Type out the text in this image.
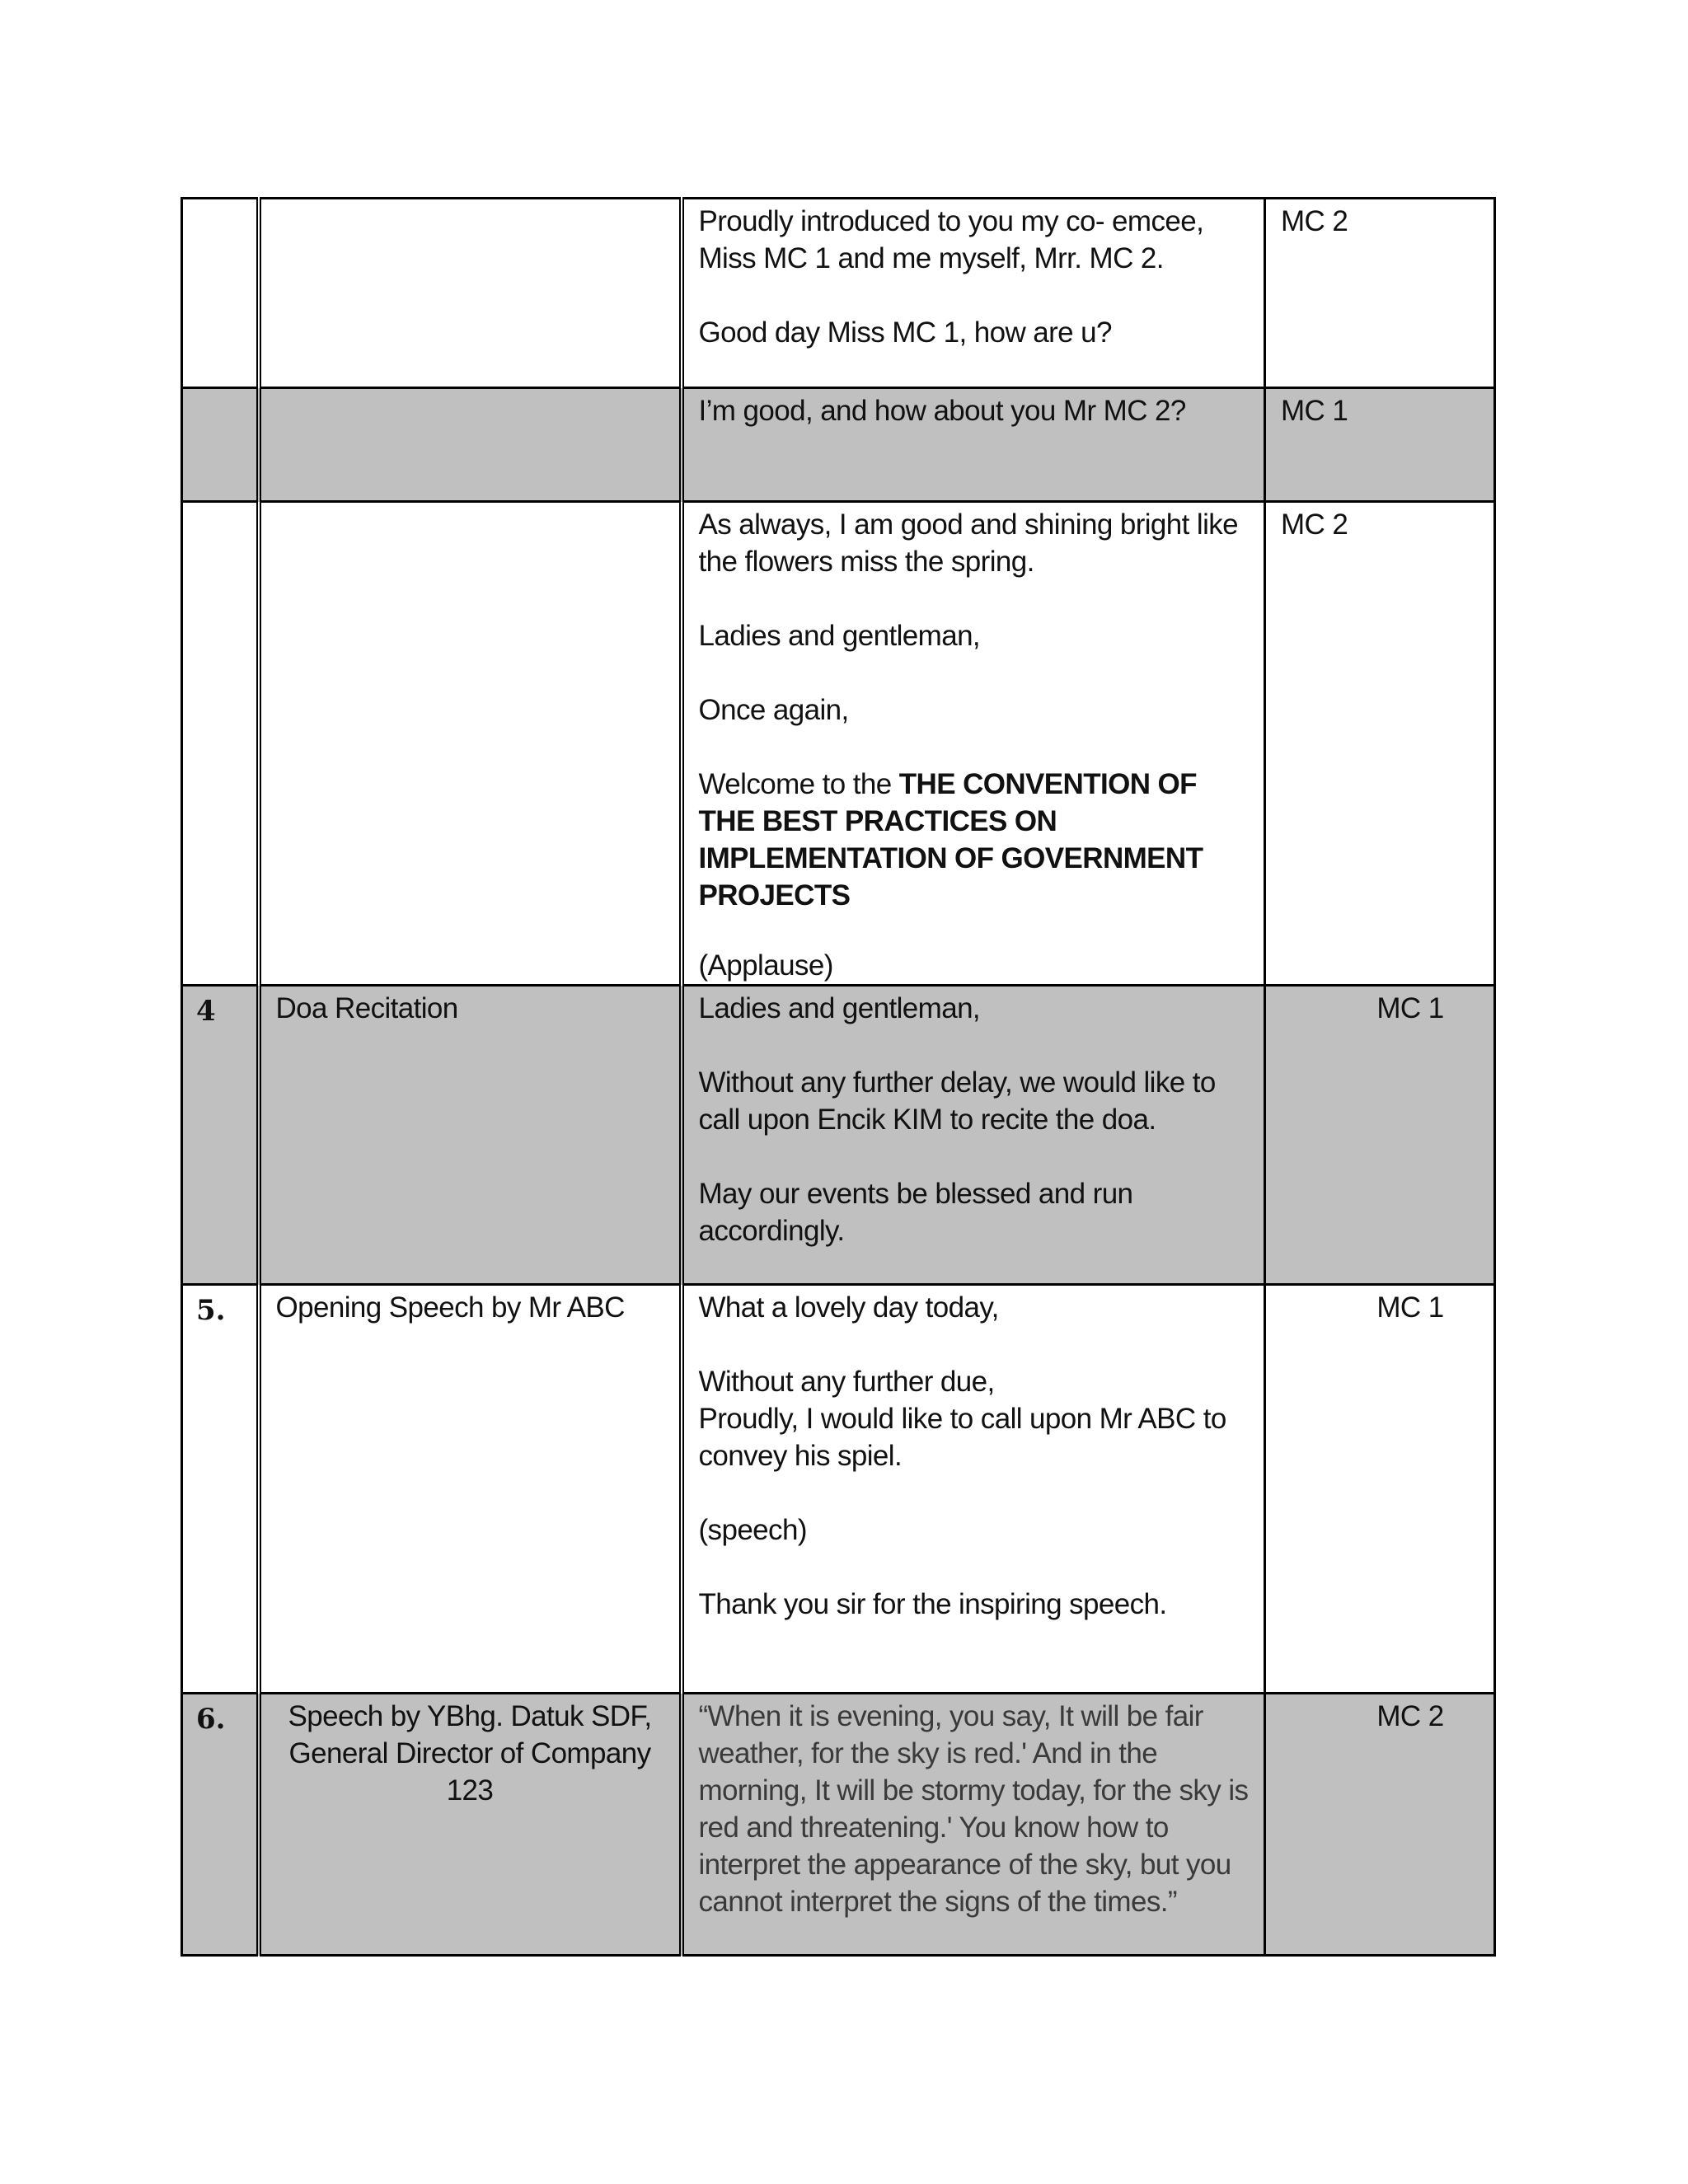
		Proudly introduced to you my co- emcee,

Miss MC 1 and me myself, Mrr. MC 2.

Good day Miss MC 1, how are u?	MC 2

		I’m good, and how about you Mr MC 2?	MC 1

		As always, I am good and shining bright like the flowers miss the spring.

Ladies and gentleman,

Once again,

Welcome to the THE CONVENTION OF THE BEST PRACTICES ON IMPLEMENTATION OF GOVERNMENT PROJECTS

(Applause)	MC 2

4	Doa Recitation	Ladies and gentleman,

Without any further delay, we would like to call upon Encik KIM to recite the doa.

May our events be blessed and run accordingly.	MC 1

5.	Opening Speech by Mr ABC	What a lovely day today,

Without any further due,

Proudly, I would like to call upon Mr ABC to convey his spiel.

(speech)

Thank you sir for the inspiring speech.	MC 1

6.	Speech by YBhg. Datuk SDF, General Director of Company 123	“When it is evening, you say, It will be fair weather, for the sky is red.' And in the morning, It will be stormy today, for the sky is red and threatening.' You know how to interpret the appearance of the sky, but you cannot interpret the signs of the times.”	MC 2
